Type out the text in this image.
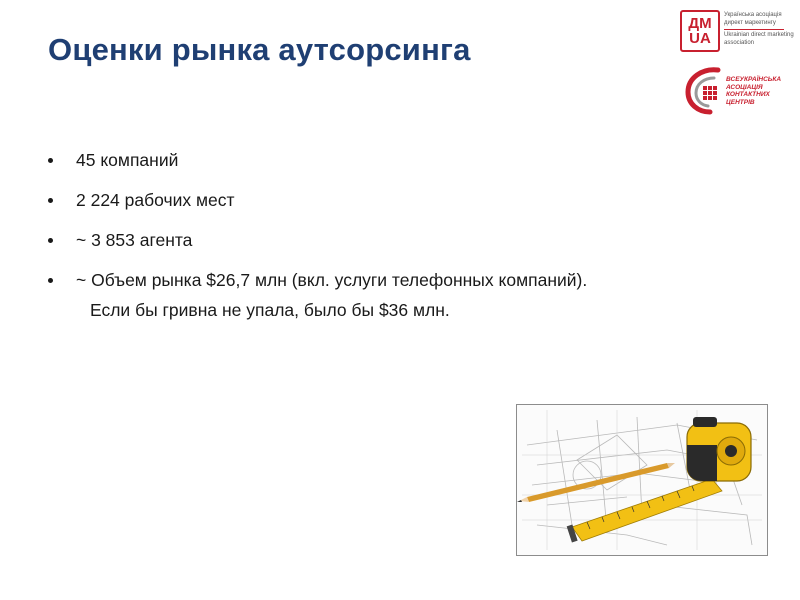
Оценки рынка аутсорсинга
ДМ
UA
Українська асоціація
директ маркетингу
Ukrainian direct marketing
association
ВСЕУКРАЇНСЬКА
АСОЦІАЦІЯ
КОНТАКТНИХ
ЦЕНТРІВ
45 компаний
2 224 рабочих мест
~ 3 853 агента
~ Объем рынка $26,7 млн (вкл. услуги телефонных компаний).
Если бы гривна не упала, было бы $36 млн.
